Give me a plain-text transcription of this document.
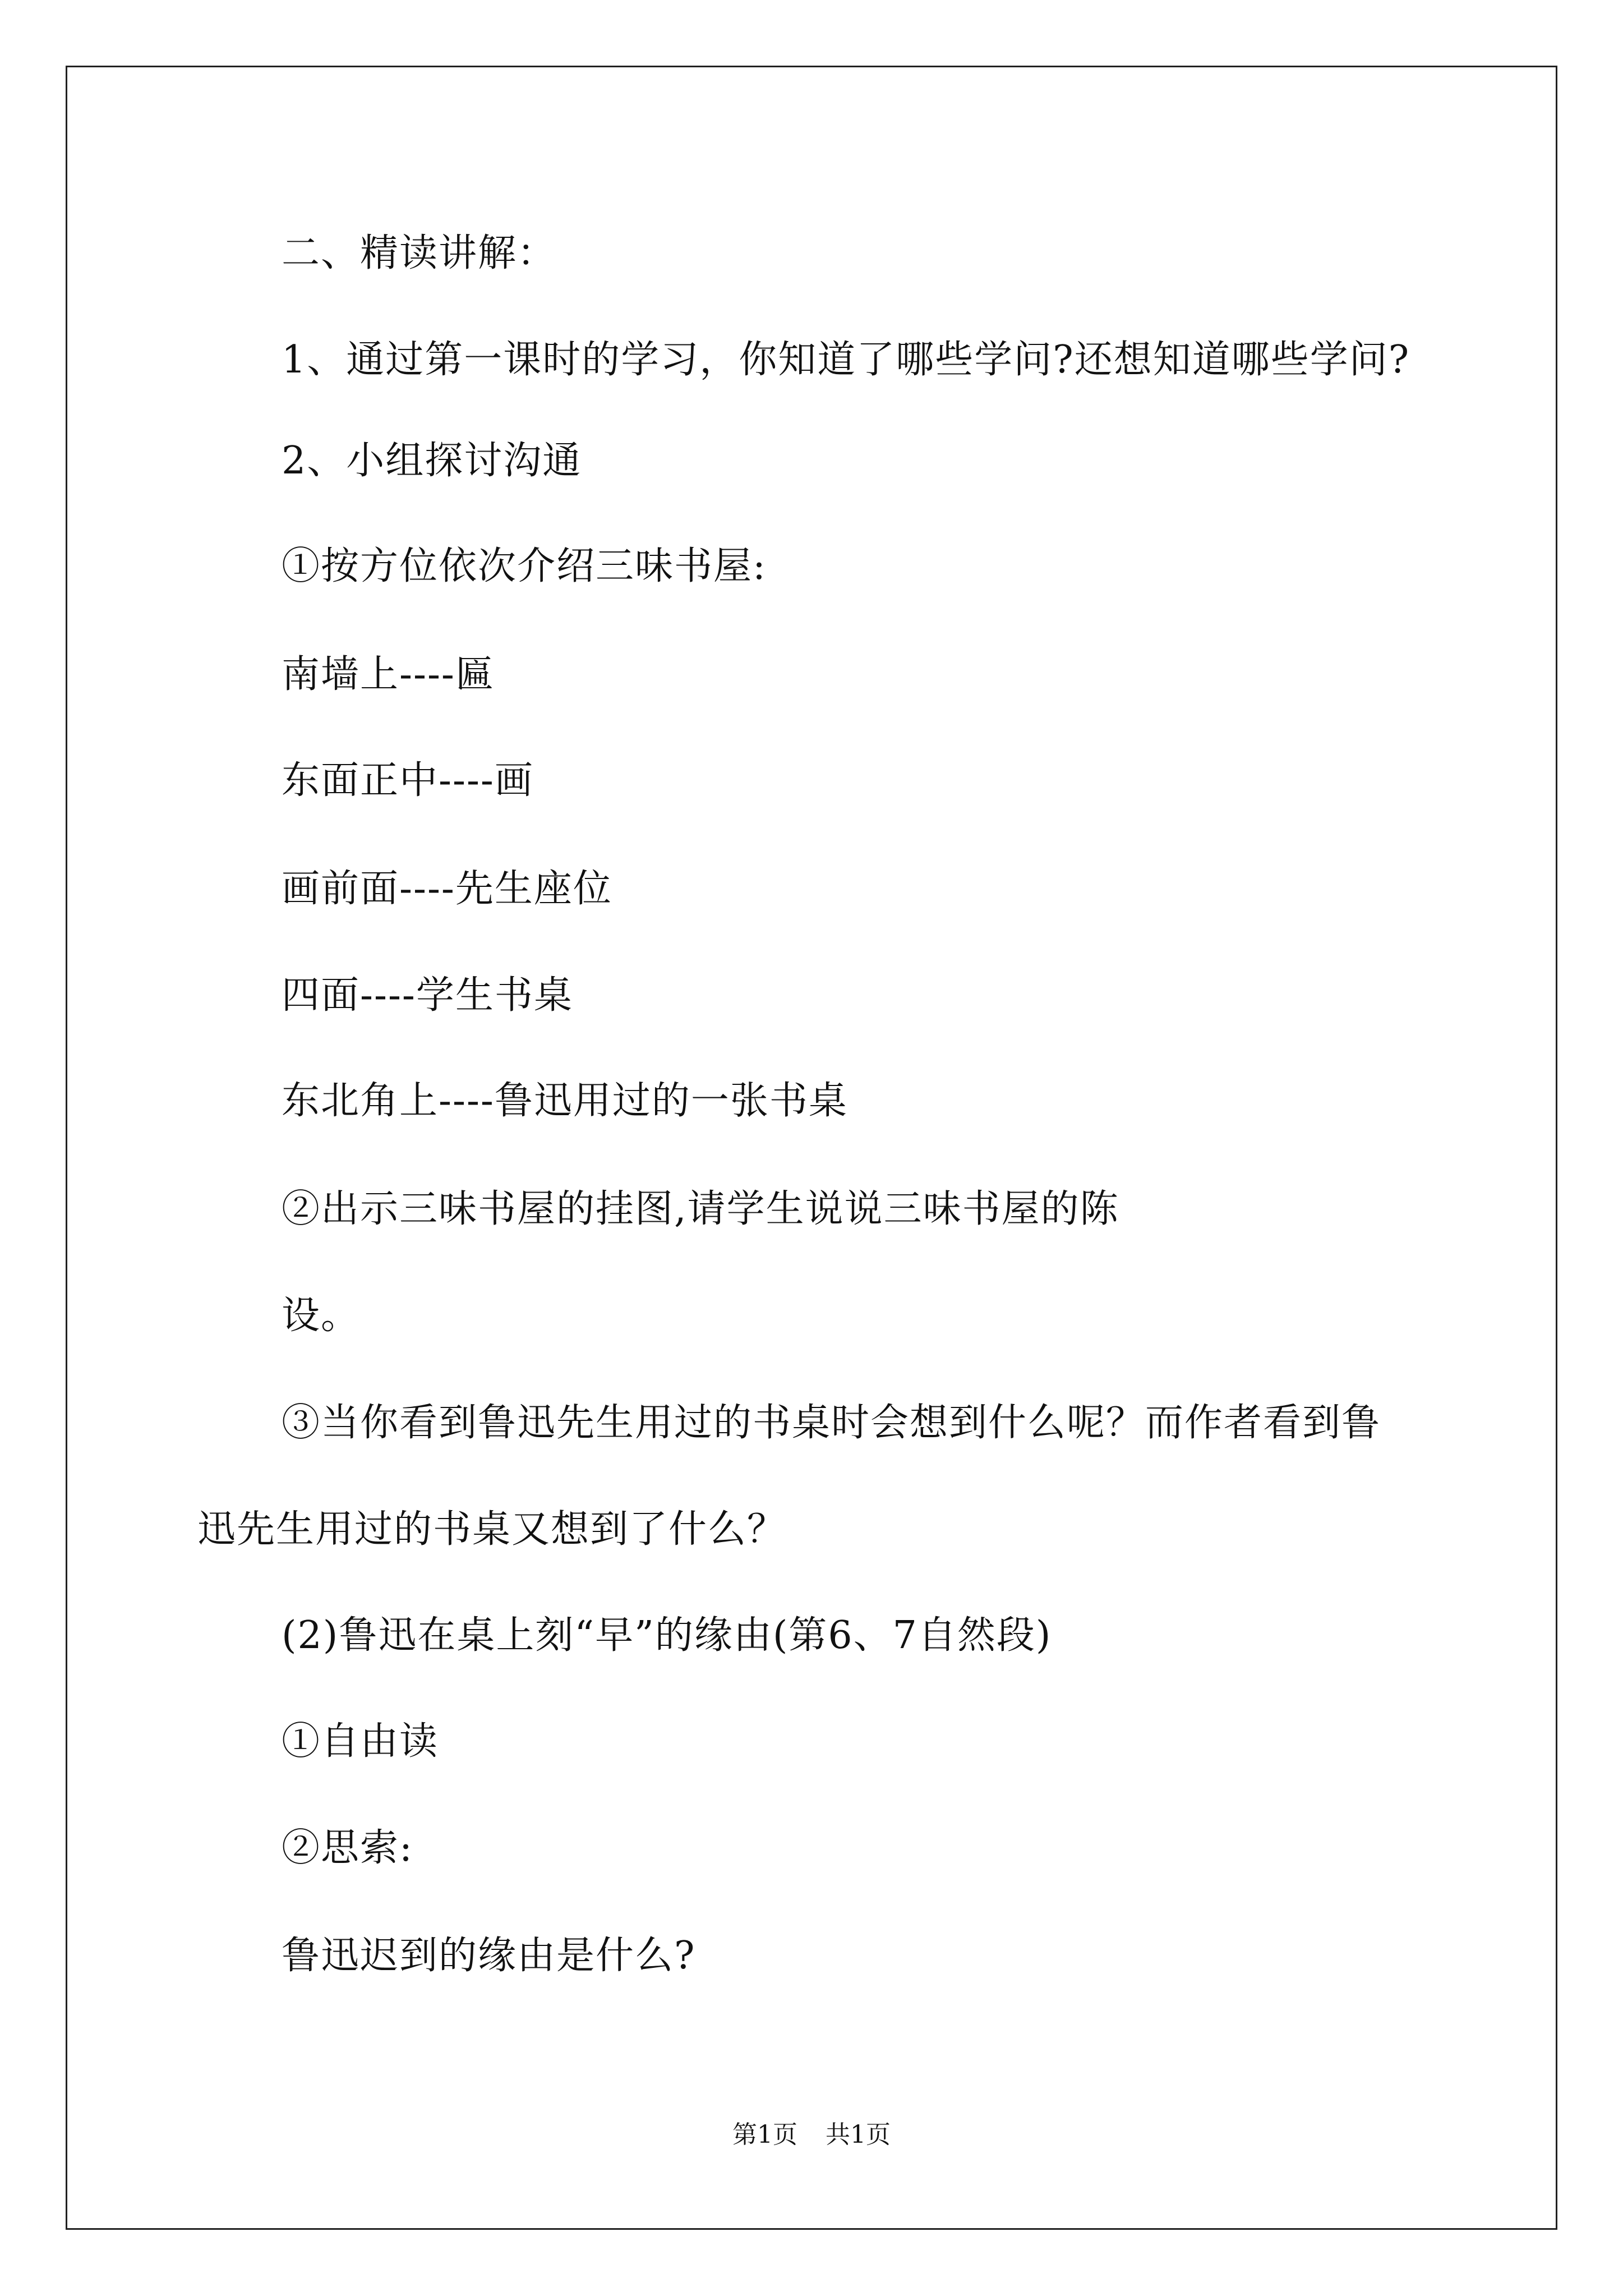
二、精读讲解：
1、通过第一课时的学习，你知道了哪些学问?还想知道哪些学问?
2、小组探讨沟通
①按方位依次介绍三味书屋:
南墙上----匾
东面正中----画
画前面----先生座位
四面----学生书桌
东北角上----鲁迅用过的一张书桌
②出示三味书屋的挂图,请学生说说三味书屋的陈
设。
③当你看到鲁迅先生用过的书桌时会想到什么呢？而作者看到鲁
迅先生用过的书桌又想到了什么？
(2)鲁迅在桌上刻“早”的缘由(第6、7自然段)
①自由读
②思索:
鲁迅迟到的缘由是什么?
第1页 共1页
